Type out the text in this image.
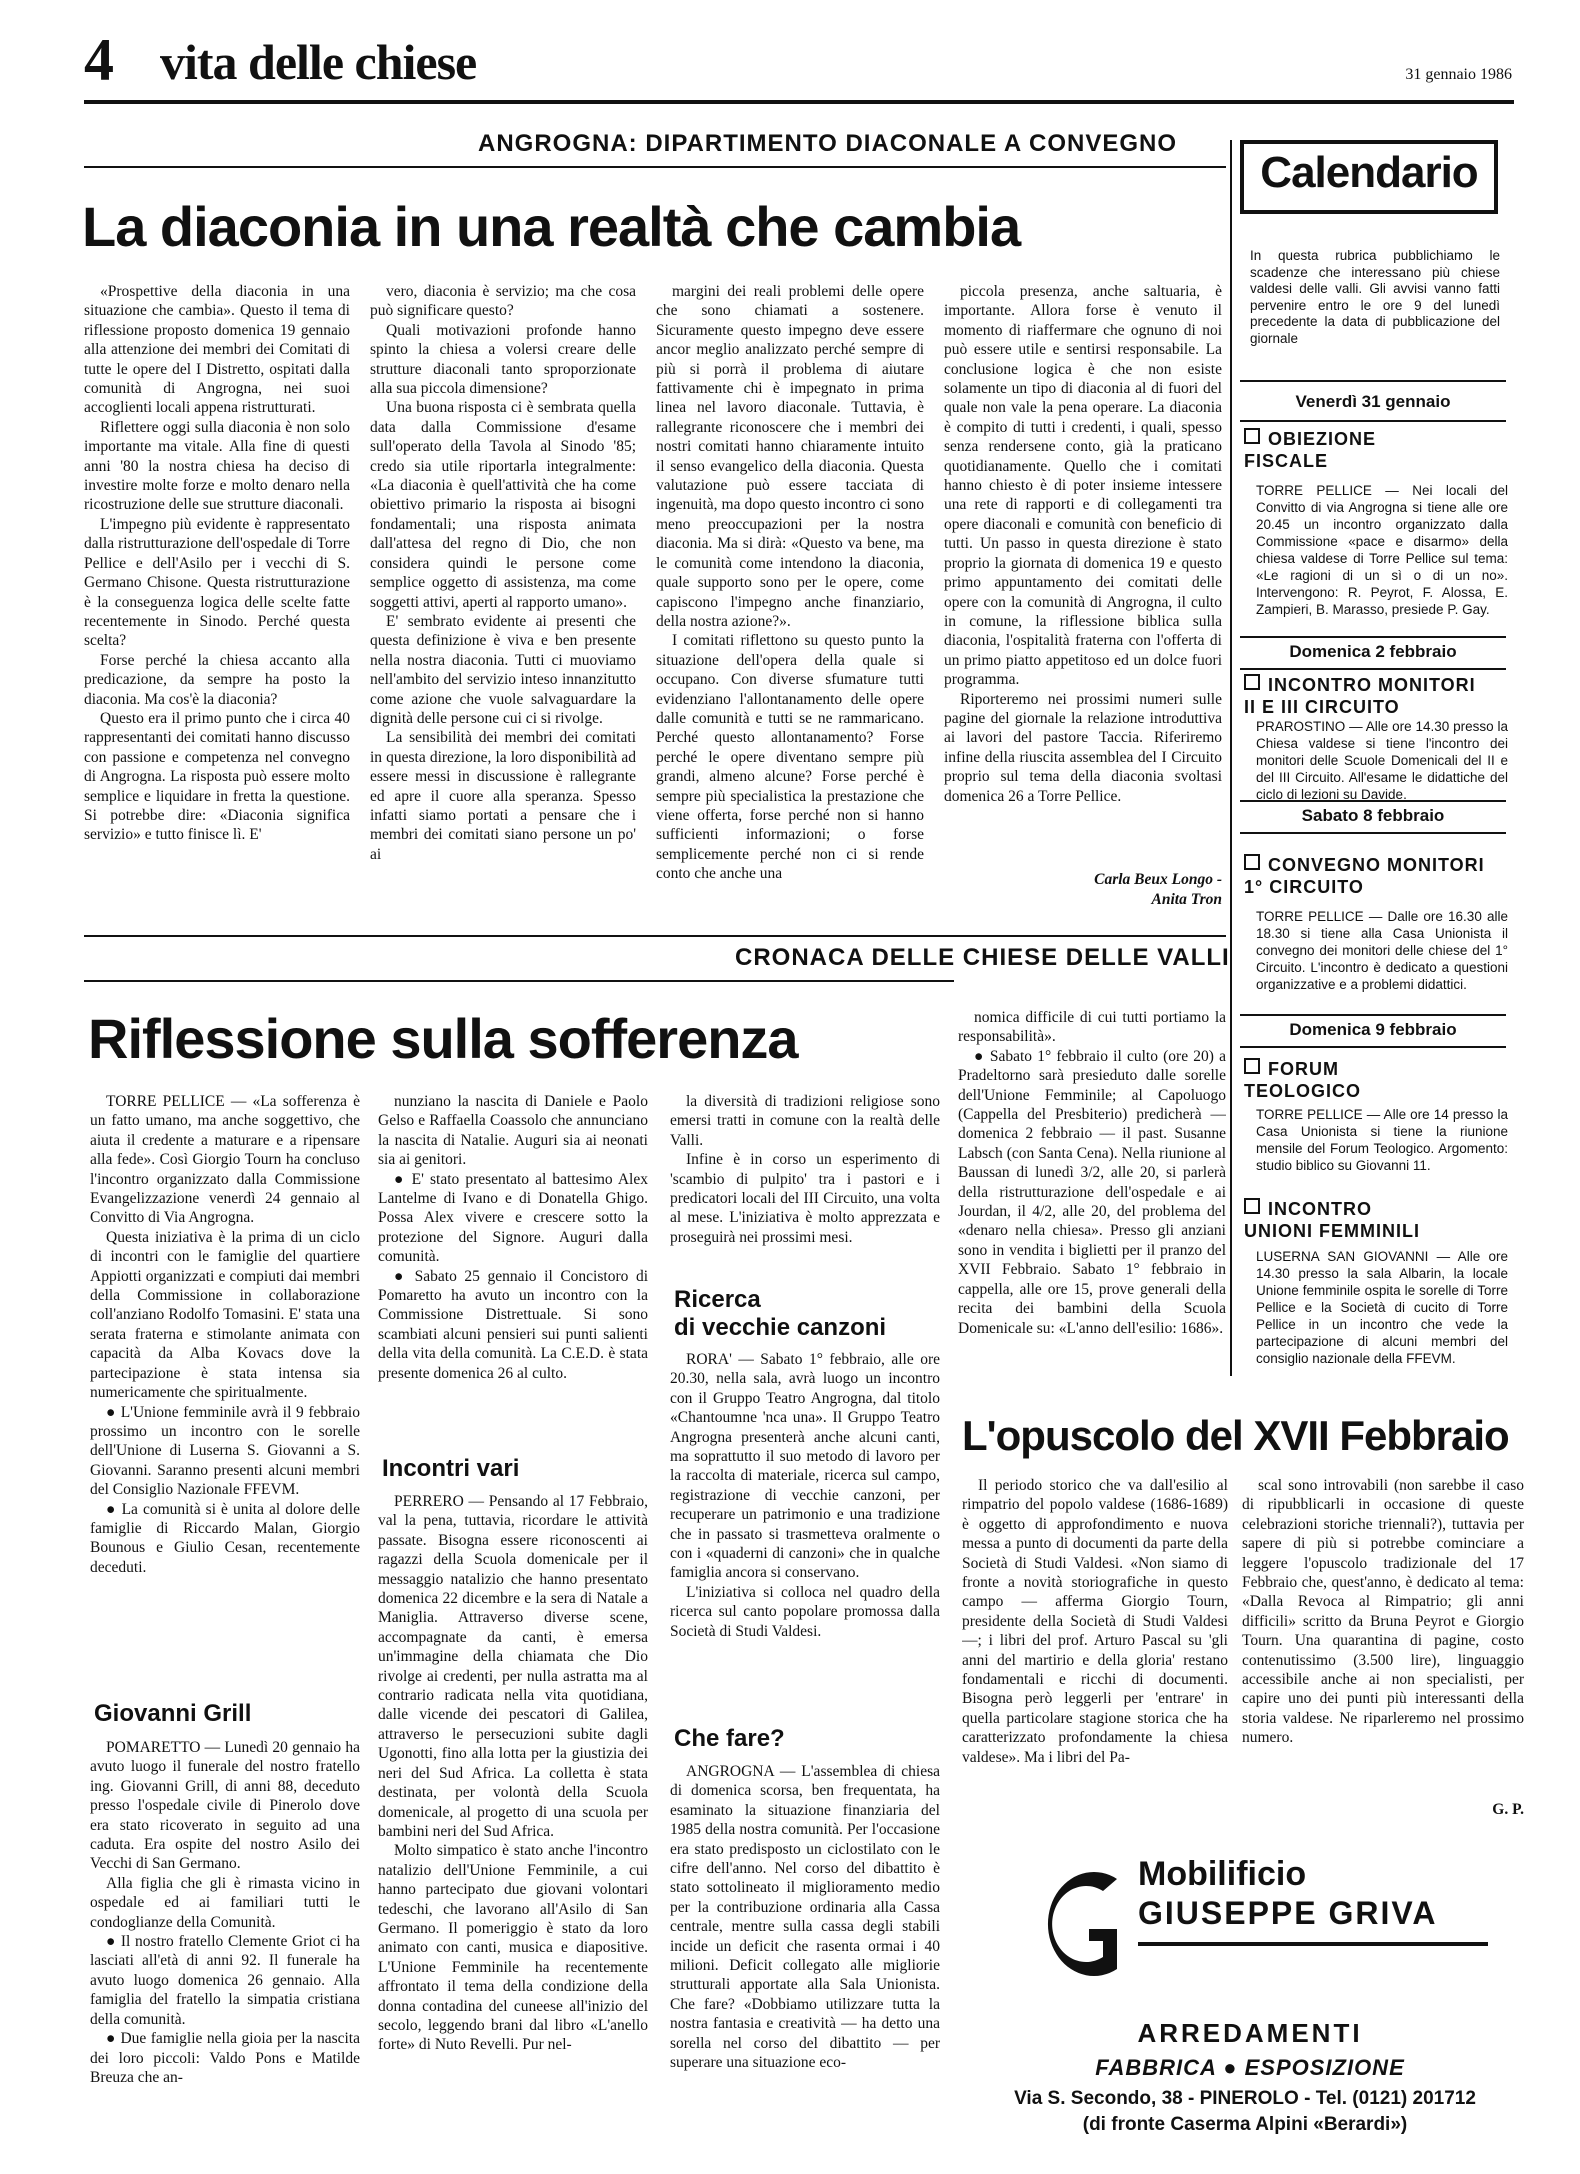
4 vita delle chiese	31 gennaio 1986
ANGROGNA: DIPARTIMENTO DIACONALE A CONVEGNO
La diaconia in una realtà che cambia

«Prospettive della diaconia in una situazione che cambia». Questo il tema di riflessione proposto domenica 19 gennaio alla attenzione dei membri dei Comitati di tutte le opere del I Distretto, ospitati dalla comunità di Angrogna, nei suoi accoglienti locali appena ristrutturati.

Riflettere oggi sulla diaconia è non solo importante ma vitale. Alla fine di questi anni '80 la nostra chiesa ha deciso di investire molte forze e molto denaro nella ricostruzione delle sue strutture diaconali.

L'impegno più evidente è rappresentato dalla ristrutturazione dell'ospedale di Torre Pellice e dell'Asilo per i vecchi di S. Germano Chisone. Questa ristrutturazione è la conseguenza logica delle scelte fatte recentemente in Sinodo. Perché questa scelta?

Forse perché la chiesa accanto alla predicazione, da sempre ha posto la diaconia. Ma cos'è la diaconia?

Questo era il primo punto che i circa 40 rappresentanti dei comitati hanno discusso con passione e competenza nel convegno di Angrogna. La risposta può essere molto semplice e liquidare in fretta la questione. Si potrebbe dire: «Diaconia significa servizio» e tutto finisce lì. E'

vero, diaconia è servizio; ma che cosa può significare questo?

Quali motivazioni profonde hanno spinto la chiesa a volersi creare delle strutture diaconali tanto sproporzionate alla sua piccola dimensione?

Una buona risposta ci è sembrata quella data dalla Commissione d'esame sull'operato della Tavola al Sinodo '85; credo sia utile riportarla integralmente: «La diaconia è quell'attività che ha come obiettivo primario la risposta ai bisogni fondamentali; una risposta animata dall'attesa del regno di Dio, che non considera quindi le persone come semplice oggetto di assistenza, ma come soggetti attivi, aperti al rapporto umano».

E' sembrato evidente ai presenti che questa definizione è viva e ben presente nella nostra diaconia. Tutti ci muoviamo nell'ambito del servizio inteso innanzitutto come azione che vuole salvaguardare la dignità delle persone cui ci si rivolge.

La sensibilità dei membri dei comitati in questa direzione, la loro disponibilità ad essere messi in discussione è rallegrante ed apre il cuore alla speranza. Spesso infatti siamo portati a pensare che i membri dei comitati siano persone un po' ai

margini dei reali problemi delle opere che sono chiamati a sostenere. Sicuramente questo impegno deve essere ancor meglio analizzato perché sempre di più si porrà il problema di aiutare fattivamente chi è impegnato in prima linea nel lavoro diaconale. Tuttavia, è rallegrante riconoscere che i membri dei nostri comitati hanno chiaramente intuito il senso evangelico della diaconia. Questa valutazione può essere tacciata di ingenuità, ma dopo questo incontro ci sono meno preoccupazioni per la nostra diaconia. Ma si dirà: «Questo va bene, ma le comunità come intendono la diaconia, quale supporto sono per le opere, come capiscono l'impegno anche finanziario, della nostra azione?».

I comitati riflettono su questo punto la situazione dell'opera della quale si occupano. Con diverse sfumature tutti evidenziano l'allontanamento delle opere dalle comunità e tutti se ne rammaricano. Perché questo allontanamento? Forse perché le opere diventano sempre più grandi, almeno alcune? Forse perché è sempre più specialistica la prestazione che viene offerta, forse perché non si hanno sufficienti informazioni; o forse semplicemente perché non ci si rende conto che anche una

piccola presenza, anche saltuaria, è importante. Allora forse è venuto il momento di riaffermare che ognuno di noi può essere utile e sentirsi responsabile. La conclusione logica è che non esiste solamente un tipo di diaconia al di fuori del quale non vale la pena operare. La diaconia è compito di tutti i credenti, i quali, spesso senza rendersene conto, già la praticano quotidianamente. Quello che i comitati hanno chiesto è di poter insieme intessere una rete di rapporti e di collegamenti tra opere diaconali e comunità con beneficio di tutti. Un passo in questa direzione è stato proprio la giornata di domenica 19 e questo primo appuntamento dei comitati delle opere con la comunità di Angrogna, il culto in comune, la riflessione biblica sulla diaconia, l'ospitalità fraterna con l'offerta di un primo piatto appetitoso ed un dolce fuori programma.

Riporteremo nei prossimi numeri sulle pagine del giornale la relazione introduttiva ai lavori del pastore Taccia. Riferiremo infine della riuscita assemblea del I Circuito proprio sul tema della diaconia svoltasi domenica 26 a Torre Pellice.

Carla Beux Longo -
Anita Tron
CRONACA DELLE CHIESE DELLE VALLI
Riflessione sulla sofferenza

TORRE PELLICE — «La sofferenza è un fatto umano, ma anche soggettivo, che aiuta il credente a maturare e a ripensare alla fede». Così Giorgio Tourn ha concluso l'incontro organizzato dalla Commissione Evangelizzazione venerdì 24 gennaio al Convitto di Via Angrogna.

Questa iniziativa è la prima di un ciclo di incontri con le famiglie del quartiere Appiotti organizzati e compiuti dai membri della Commissione in collaborazione coll'anziano Rodolfo Tomasini. E' stata una serata fraterna e stimolante animata con capacità da Alba Kovacs dove la partecipazione è stata intensa sia numericamente che spiritualmente.

● L'Unione femminile avrà il 9 febbraio prossimo un incontro con le sorelle dell'Unione di Luserna S. Giovanni a S. Giovanni. Saranno presenti alcuni membri del Consiglio Nazionale FFEVM.

● La comunità si è unita al dolore delle famiglie di Riccardo Malan, Giorgio Bounous e Giulio Cesan, recentemente deceduti.

Giovanni Grill

POMARETTO — Lunedì 20 gennaio ha avuto luogo il funerale del nostro fratello ing. Giovanni Grill, di anni 88, deceduto presso l'ospedale civile di Pinerolo dove era stato ricoverato in seguito ad una caduta. Era ospite del nostro Asilo dei Vecchi di San Germano.

Alla figlia che gli è rimasta vicino in ospedale ed ai familiari tutti le condoglianze della Comunità.

● Il nostro fratello Clemente Griot ci ha lasciati all'età di anni 92. Il funerale ha avuto luogo domenica 26 gennaio. Alla famiglia del fratello la simpatia cristiana della comunità.

● Due famiglie nella gioia per la nascita dei loro piccoli: Valdo Pons e Matilde Breuza che an-

nunziano la nascita di Daniele e Paolo Gelso e Raffaella Coassolo che annunciano la nascita di Natalie. Auguri sia ai neonati sia ai genitori.

● E' stato presentato al battesimo Alex Lantelme di Ivano e di Donatella Ghigo. Possa Alex vivere e crescere sotto la protezione del Signore. Auguri dalla comunità.

● Sabato 25 gennaio il Concistoro di Pomaretto ha avuto un incontro con la Commissione Distrettuale. Si sono scambiati alcuni pensieri sui punti salienti della vita della comunità. La C.E.D. è stata presente domenica 26 al culto.

Incontri vari

PERRERO — Pensando al 17 Febbraio, val la pena, tuttavia, ricordare le attività passate. Bisogna essere riconoscenti ai ragazzi della Scuola domenicale per il messaggio natalizio che hanno presentato domenica 22 dicembre e la sera di Natale a Maniglia. Attraverso diverse scene, accompagnate da canti, è emersa un'immagine della chiamata che Dio rivolge ai credenti, per nulla astratta ma al contrario radicata nella vita quotidiana, dalle vicende dei pescatori di Galilea, attraverso le persecuzioni subite dagli Ugonotti, fino alla lotta per la giustizia dei neri del Sud Africa. La colletta è stata destinata, per volontà della Scuola domenicale, al progetto di una scuola per bambini neri del Sud Africa.

Molto simpatico è stato anche l'incontro natalizio dell'Unione Femminile, a cui hanno partecipato due giovani volontari tedeschi, che lavorano all'Asilo di San Germano. Il pomeriggio è stato da loro animato con canti, musica e diapositive. L'Unione Femminile ha recentemente affrontato il tema della condizione della donna contadina del cuneese all'inizio del secolo, leggendo brani dal libro «L'anello forte» di Nuto Revelli. Pur nel-

la diversità di tradizioni religiose sono emersi tratti in comune con la realtà delle Valli.

Infine è in corso un esperimento di 'scambio di pulpito' tra i pastori e i predicatori locali del III Circuito, una volta al mese. L'iniziativa è molto apprezzata e proseguirà nei prossimi mesi.

Ricerca
di vecchie canzoni

RORA' — Sabato 1° febbraio, alle ore 20.30, nella sala, avrà luogo un incontro con il Gruppo Teatro Angrogna, dal titolo «Chantoumne 'nca una». Il Gruppo Teatro Angrogna presenterà anche alcuni canti, ma soprattutto il suo metodo di lavoro per la raccolta di materiale, ricerca sul campo, registrazione di vecchie canzoni, per recuperare un patrimonio e una tradizione che in passato si trasmetteva oralmente o con i «quaderni di canzoni» che in qualche famiglia ancora si conservano.

L'iniziativa si colloca nel quadro della ricerca sul canto popolare promossa dalla Società di Studi Valdesi.

Che fare?

ANGROGNA — L'assemblea di chiesa di domenica scorsa, ben frequentata, ha esaminato la situazione finanziaria del 1985 della nostra comunità. Per l'occasione era stato predisposto un ciclostilato con le cifre dell'anno. Nel corso del dibattito è stato sottolineato il miglioramento medio per la contribuzione ordinaria alla Cassa centrale, mentre sulla cassa degli stabili incide un deficit che rasenta ormai i 40 milioni. Deficit collegato alle migliorie strutturali apportate alla Sala Unionista. Che fare? «Dobbiamo utilizzare tutta la nostra fantasia e creatività — ha detto una sorella nel corso del dibattito — per superare una situazione eco-

nomica difficile di cui tutti portiamo la responsabilità».

● Sabato 1° febbraio il culto (ore 20) a Pradeltorno sarà presieduto dalle sorelle dell'Unione Femminile; al Capoluogo (Cappella del Presbiterio) predicherà — domenica 2 febbraio — il past. Susanne Labsch (con Santa Cena). Nella riunione al Baussan di lunedì 3/2, alle 20, si parlerà della ristrutturazione dell'ospedale e ai Jourdan, il 4/2, alle 20, del problema del «denaro nella chiesa». Presso gli anziani sono in vendita i biglietti per il pranzo del XVII Febbraio. Sabato 1° febbraio in cappella, alle ore 15, prove generali della recita dei bambini della Scuola Domenicale su: «L'anno dell'esilio: 1686».

L'opuscolo del XVII Febbraio

Il periodo storico che va dall'esilio al rimpatrio del popolo valdese (1686-1689) è oggetto di approfondimento e nuova messa a punto di documenti da parte della Società di Studi Valdesi. «Non siamo di fronte a novità storiografiche in questo campo — afferma Giorgio Tourn, presidente della Società di Studi Valdesi —; i libri del prof. Arturo Pascal su 'gli anni del martirio e della gloria' restano fondamentali e ricchi di documenti. Bisogna però leggerli per 'entrare' in quella particolare stagione storica che ha caratterizzato profondamente la chiesa valdese». Ma i libri del Pa-

scal sono introvabili (non sarebbe il caso di ripubblicarli in occasione di queste celebrazioni storiche triennali?), tuttavia per sapere di più si potrebbe cominciare a leggere l'opuscolo tradizionale del 17 Febbraio che, quest'anno, è dedicato al tema: «Dalla Revoca al Rimpatrio; gli anni difficili» scritto da Bruna Peyrot e Giorgio Tourn. Una quarantina di pagine, costo contenutissimo (3.500 lire), linguaggio accessibile anche ai non specialisti, per capire uno dei punti più interessanti della storia valdese. Ne riparleremo nel prossimo numero.

G. P.
Calendario
In questa rubrica pubblichiamo le scadenze che interessano più chiese valdesi delle valli. Gli avvisi vanno fatti pervenire entro le ore 9 del lunedì precedente la data di pubblicazione del giornale
Venerdì 31 gennaio
OBIEZIONE
FISCALE
TORRE PELLICE — Nei locali del Convitto di via Angrogna si tiene alle ore 20.45 un incontro organizzato dalla Commissione «pace e disarmo» della chiesa valdese di Torre Pellice sul tema: «Le ragioni di un sì o di un no». Intervengono: R. Peyrot, F. Alossa, E. Zampieri, B. Marasso, presiede P. Gay.
Domenica 2 febbraio
INCONTRO MONITORI
II E III CIRCUITO
PRAROSTINO — Alle ore 14.30 presso la Chiesa valdese si tiene l'incontro dei monitori delle Scuole Domenicali del II e del III Circuito. All'esame le didattiche del ciclo di lezioni su Davide.
Sabato 8 febbraio
CONVEGNO MONITORI
1° CIRCUITO
TORRE PELLICE — Dalle ore 16.30 alle 18.30 si tiene alla Casa Unionista il convegno dei monitori delle chiese del 1° Circuito. L'incontro è dedicato a questioni organizzative e a problemi didattici.
Domenica 9 febbraio
FORUM
TEOLOGICO
TORRE PELLICE — Alle ore 14 presso la Casa Unionista si tiene la riunione mensile del Forum Teologico. Argomento: studio biblico su Giovanni 11.
INCONTRO
UNIONI FEMMINILI
LUSERNA SAN GIOVANNI — Alle ore 14.30 presso la sala Albarin, la locale Unione femminile ospita le sorelle di Torre Pellice e la Società di cucito di Torre Pellice in un incontro che vede la partecipazione di alcuni membri del consiglio nazionale della FFEVM.
Mobilificio
GIUSEPPE GRIVA
ARREDAMENTI
FABBRICA ● ESPOSIZIONE
Via S. Secondo, 38 - PINEROLO - Tel. (0121) 201712
(di fronte Caserma Alpini «Berardi»)
